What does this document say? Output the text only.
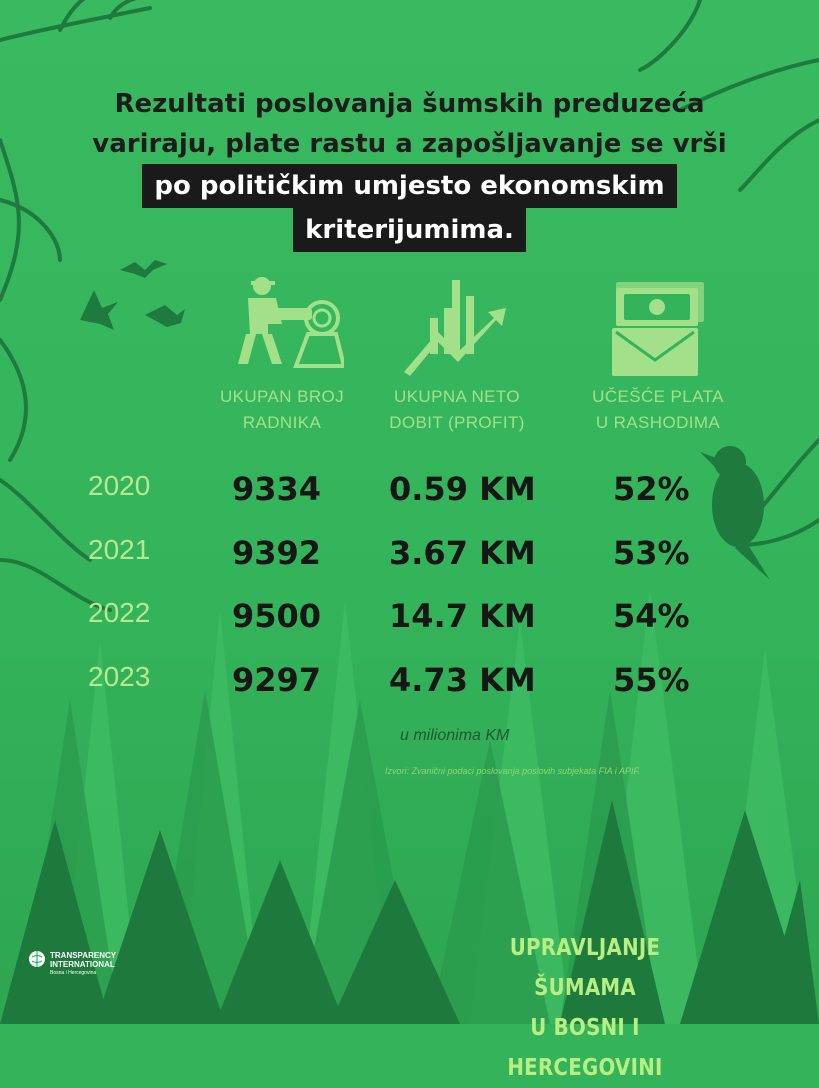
Rezultati poslovanja šumskih preduzeća
variraju, plate rastu a zapošljavanje se vrši
po političkim umjesto ekonomskim
kriterijumima.
UKUPAN BROJ
RADNIKA
UKUPNA NETO
DOBIT (PROFIT)
UČEŠĆE PLATA
U RASHODIMA
2020	9334 0.59 KM 52%
2021	9392 3.67 KM 53%
2022	9500 14.7 KM 54%
2023	9297 4.73 KM 55%
u milionima KM
Izvori: Zvanični podaci poslovanja poslovih subjekata FIA i APIF.
TRANSPARENCY
INTERNATIONAL
Bosna i Hercegovina
UPRAVLJANJE ŠUMAMA
U BOSNI I HERCEGOVINI
